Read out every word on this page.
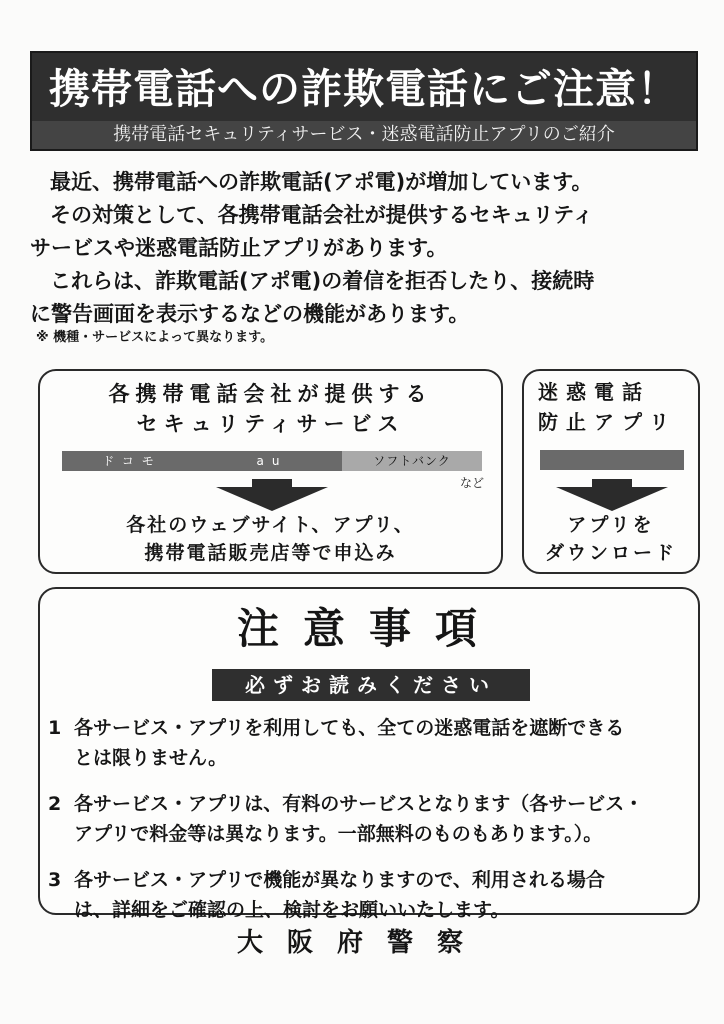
携帯電話への詐欺電話にご注意！
携帯電話セキュリティサービス・迷惑電話防止アプリのご紹介

最近、携帯電話への詐欺電話(アポ電)が増加しています。

その対策として、各携帯電話会社が提供するセキュリティ

サービスや迷惑電話防止アプリがあります。

これらは、詐欺電話(アポ電)の着信を拒否したり、接続時

に警告画面を表示するなどの機能があります。

※ 機種・サービスによって異なります。
各携帯電話会社が提供する
セキュリティサービス
ドコモ	au	ソフトバンク
など
各社のウェブサイト、アプリ、
携帯電話販売店等で申込み
迷惑電話
防止アプリ
アプリを
ダウンロード
注意事項
必ずお読みください
1 各サービス・アプリを利用しても、全ての迷惑電話を遮断できる
とは限りません。
2 各サービス・アプリは、有料のサービスとなります（各サービス・
アプリで料金等は異なります。一部無料のものもあります。）。
3 各サービス・アプリで機能が異なりますので、利用される場合
は、詳細をご確認の上、検討をお願いいたします。
大阪府警察
